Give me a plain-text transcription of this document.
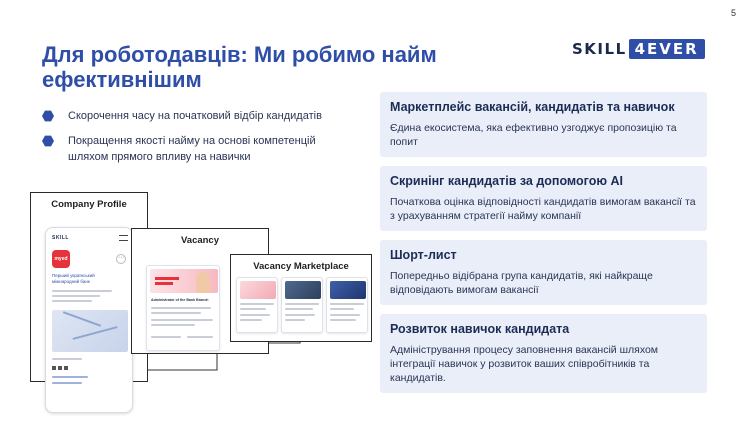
5
Для роботодавців: Ми робимо найм ефективнішим
SKILL 4EVER
Скорочення часу на початковий відбір кандидатів
Покращення якості найму на основі компетенцій шляхом прямого впливу на навички
Маркетплейс вакансій, кандидатів та навичок
Єдина екосистема, яка ефективно узгоджує пропозицію та попит
Скринінг кандидатів за допомогою AI
Початкова оцінка відповідності кандидатів вимогам вакансії та з урахуванням стратегії найму компанії
Шорт-лист
Попередньо відібрана група кандидатів, які найкраще відповідають вимогам вакансії
Розвиток навичок кандидата
Адміністрування процесу заповнення вакансій шляхом інтеграції навичок у розвиток ваших співробітників та кандидатів.
Company Profile
SKILL
myed	⋯
Перший український міжнародний банк
Vacancy
Administrator of the Bank Branch
Vacancy Marketplace
